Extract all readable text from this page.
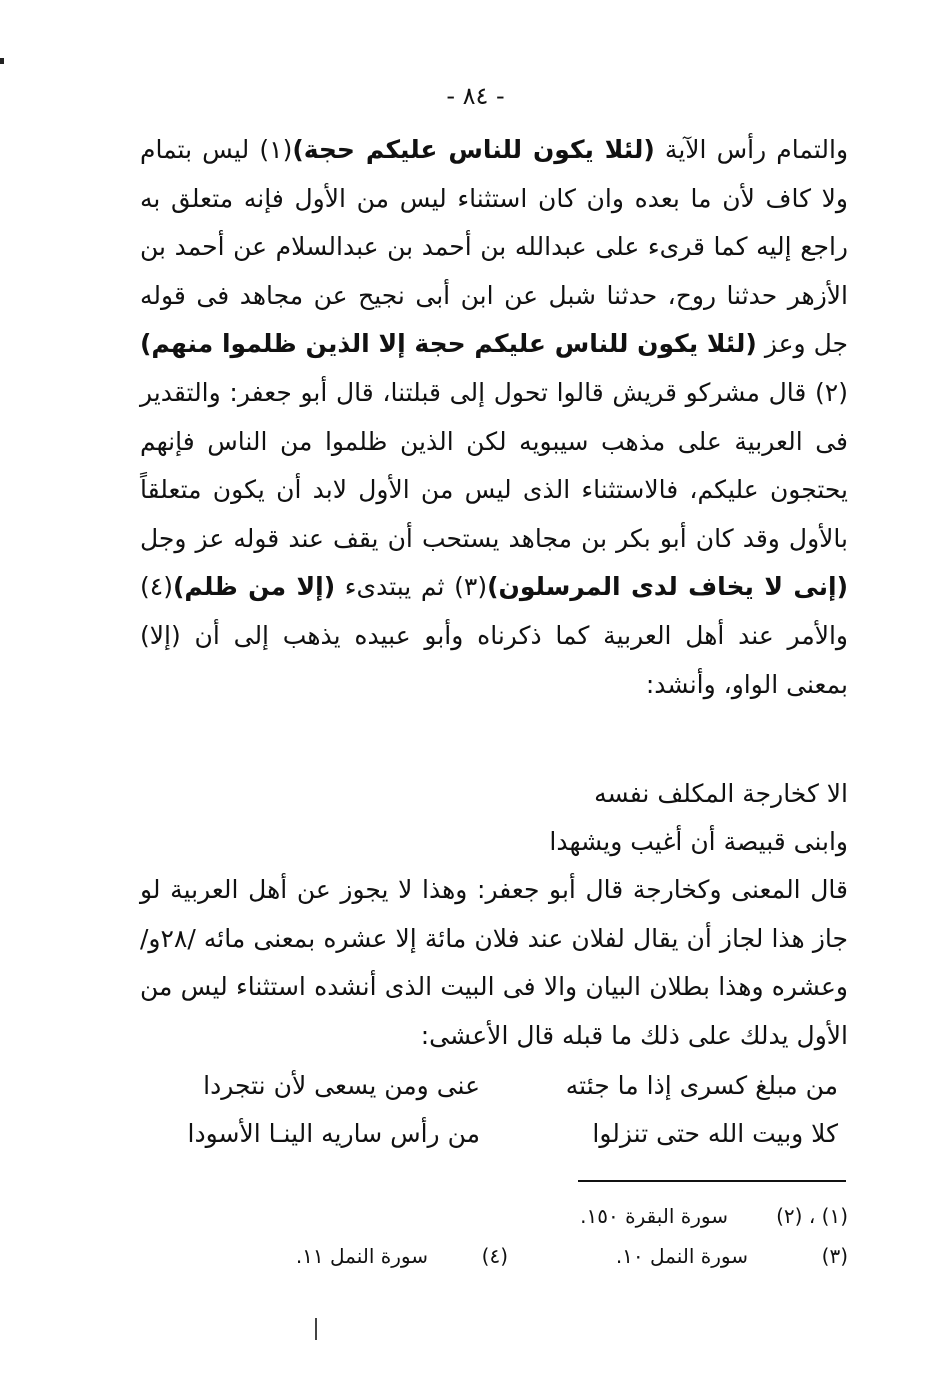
- ٨٤ -

والتمام رأس الآية (لئلا يكون للناس عليكم حجة)(١) ليس بتمام ولا كاف لأن ما بعده وان كان استثناء ليس من الأول فإنه متعلق به راجع إليه كما قرىء على عبدالله بن أحمد بن عبدالسلام عن أحمد بن الأزهر حدثنا روح، حدثنا شبل عن ابن أبى نجيح عن مجاهد فى قوله جل وعز (لئلا يكون للناس عليكم حجة إلا الذين ظلموا منهم)(٢) قال مشركو قريش قالوا تحول إلى قبلتنا، قال أبو جعفر: والتقدير فى العربية على مذهب سيبويه لكن الذين ظلموا من الناس فإنهم يحتجون عليكم، فالاستثناء الذى ليس من الأول لابد أن يكون متعلقاً بالأول وقد كان أبو بكر بن مجاهد يستحب أن يقف عند قوله عز وجل (إنى لا يخاف لدى المرسلون)(٣) ثم يبتدىء (إلا من ظلم)(٤) والأمر عند أهل العربية كما ذكرناه وأبو عبيده يذهب إلى أن (إلا) بمعنى الواو، وأنشد:

الا كخارجة المكلف نفسه
وابنى قبيصة أن أغيب ويشهدا
قال المعنى وكخارجة قال أبو جعفر: وهذا لا يجوز عن أهل العربية لو جاز هذا لجاز أن يقال لفلان عند فلان مائة إلا عشره بمعنى مائه /٢٨و/ وعشره وهذا بطلان البيان والا فى البيت الذى أنشده استثناء ليس من الأول يدلك على ذلك ما قبله قال الأعشى:
من مبلغ كسرى إذا ما جئته
عنى ومن يسعى لأن نتجردا
كلا وبيت الله حتى تنزلوا
من رأس ساريه الينـا الأسودا
(١) ، (٢)
سورة البقرة ١٥٠.
(٣)
سورة النمل ١٠.
(٤)
سورة النمل ١١.
